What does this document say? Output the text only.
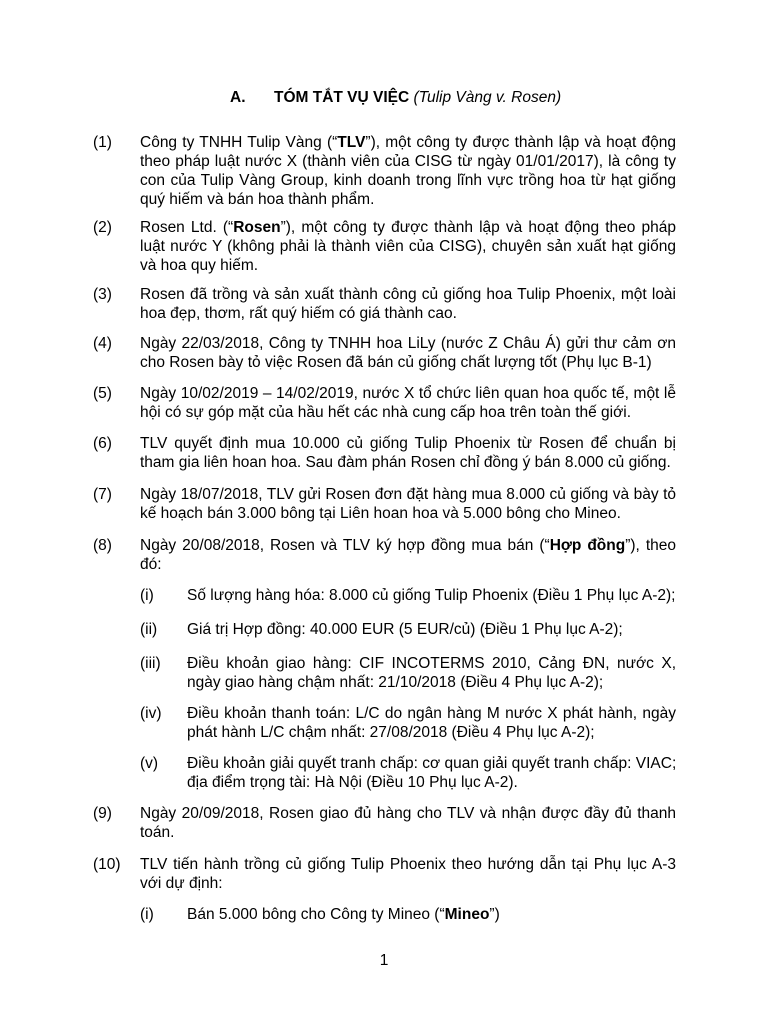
A. TÓM TẮT VỤ VIỆC (Tulip Vàng v. Rosen)
(1) Công ty TNHH Tulip Vàng (“TLV”), một công ty được thành lập và hoạt động
theo pháp luật nước X (thành viên của CISG từ ngày 01/01/2017), là công ty
con của Tulip Vàng Group, kinh doanh trong lĩnh vực trồng hoa từ hạt giống
quý hiếm và bán hoa thành phẩm.
(2) Rosen Ltd. (“Rosen”), một công ty được thành lập và hoạt động theo pháp
luật nước Y (không phải là thành viên của CISG), chuyên sản xuất hạt giống
và hoa quy hiếm.
(3) Rosen đã trồng và sản xuất thành công củ giống hoa Tulip Phoenix, một loài
hoa đẹp, thơm, rất quý hiếm có giá thành cao.
(4) Ngày 22/03/2018, Công ty TNHH hoa LiLy (nước Z Châu Á) gửi thư cảm ơn
cho Rosen bày tỏ việc Rosen đã bán củ giống chất lượng tốt (Phụ lục B-1)
(5) Ngày 10/02/2019 – 14/02/2019, nước X tổ chức liên quan hoa quốc tế, một lễ
hội có sự góp mặt của hầu hết các nhà cung cấp hoa trên toàn thế giới.
(6) TLV quyết định mua 10.000 củ giống Tulip Phoenix từ Rosen để chuẩn bị
tham gia liên hoan hoa. Sau đàm phán Rosen chỉ đồng ý bán 8.000 củ giống.
(7) Ngày 18/07/2018, TLV gửi Rosen đơn đặt hàng mua 8.000 củ giống và bày tỏ
kế hoạch bán 3.000 bông tại Liên hoan hoa và 5.000 bông cho Mineo.
(8) Ngày 20/08/2018, Rosen và TLV ký hợp đồng mua bán (“Hợp đồng”), theo
đó:
(i) Số lượng hàng hóa: 8.000 củ giống Tulip Phoenix (Điều 1 Phụ lục A-2);
(ii) Giá trị Hợp đồng: 40.000 EUR (5 EUR/củ) (Điều 1 Phụ lục A-2);
(iii) Điều khoản giao hàng: CIF INCOTERMS 2010, Cảng ĐN, nước X,
ngày giao hàng chậm nhất: 21/10/2018 (Điều 4 Phụ lục A-2);
(iv) Điều khoản thanh toán: L/C do ngân hàng M nước X phát hành, ngày
phát hành L/C chậm nhất: 27/08/2018 (Điều 4 Phụ lục A-2);
(v) Điều khoản giải quyết tranh chấp: cơ quan giải quyết tranh chấp: VIAC;
địa điểm trọng tài: Hà Nội (Điều 10 Phụ lục A-2).
(9) Ngày 20/09/2018, Rosen giao đủ hàng cho TLV và nhận được đầy đủ thanh
toán.
(10) TLV tiến hành trồng củ giống Tulip Phoenix theo hướng dẫn tại Phụ lục A-3
với dự định:
(i) Bán 5.000 bông cho Công ty Mineo (“Mineo”)
1
